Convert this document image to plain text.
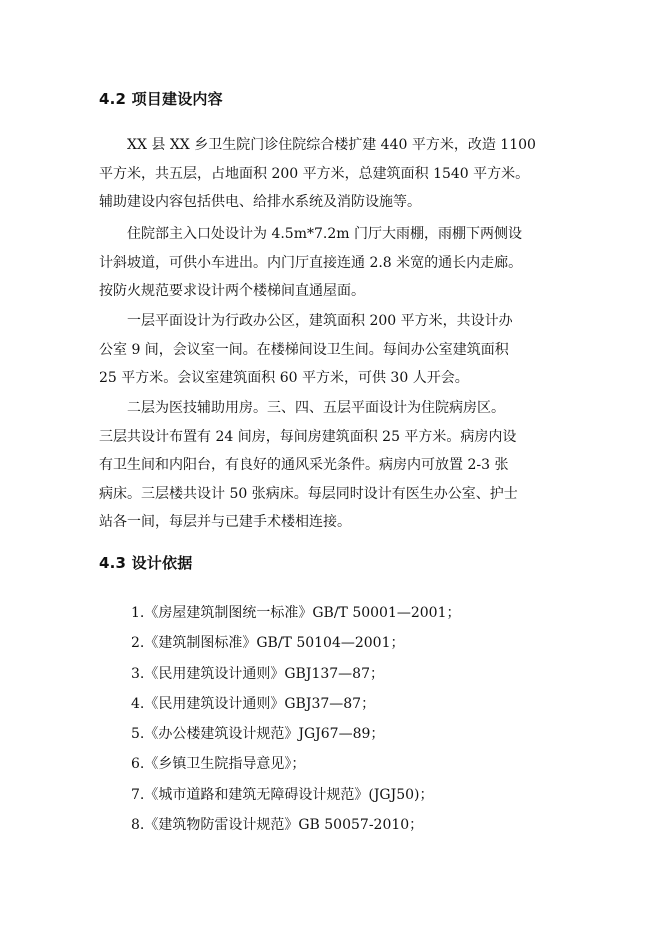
4.2 项目建设内容
XX 县 XX 乡卫生院门诊住院综合楼扩建 440 平方米，改造 1100
平方米，共五层，占地面积 200 平方米，总建筑面积 1540 平方米。
辅助建设内容包括供电、给排水系统及消防设施等。
住院部主入口处设计为 4.5m*7.2m 门厅大雨棚，雨棚下两侧设
计斜坡道，可供小车进出。内门厅直接连通 2.8 米宽的通长内走廊。
按防火规范要求设计两个楼梯间直通屋面。
一层平面设计为行政办公区，建筑面积 200 平方米，共设计办
公室 9 间，会议室一间。在楼梯间设卫生间。每间办公室建筑面积
25 平方米。会议室建筑面积 60 平方米，可供 30 人开会。
二层为医技辅助用房。三、四、五层平面设计为住院病房区。
三层共设计布置有 24 间房，每间房建筑面积 25 平方米。病房内设
有卫生间和内阳台，有良好的通风采光条件。病房内可放置 2-3 张
病床。三层楼共设计 50 张病床。每层同时设计有医生办公室、护士
站各一间，每层并与已建手术楼相连接。
4.3 设计依据
1.《房屋建筑制图统一标准》GB/T 50001—2001；
2.《建筑制图标准》GB/T 50104—2001；
3.《民用建筑设计通则》GBJ137—87；
4.《民用建筑设计通则》GBJ37—87；
5.《办公楼建筑设计规范》JGJ67—89；
6.《乡镇卫生院指导意见》；
7.《城市道路和建筑无障碍设计规范》(JGJ50)；
8.《建筑物防雷设计规范》GB 50057-2010；
